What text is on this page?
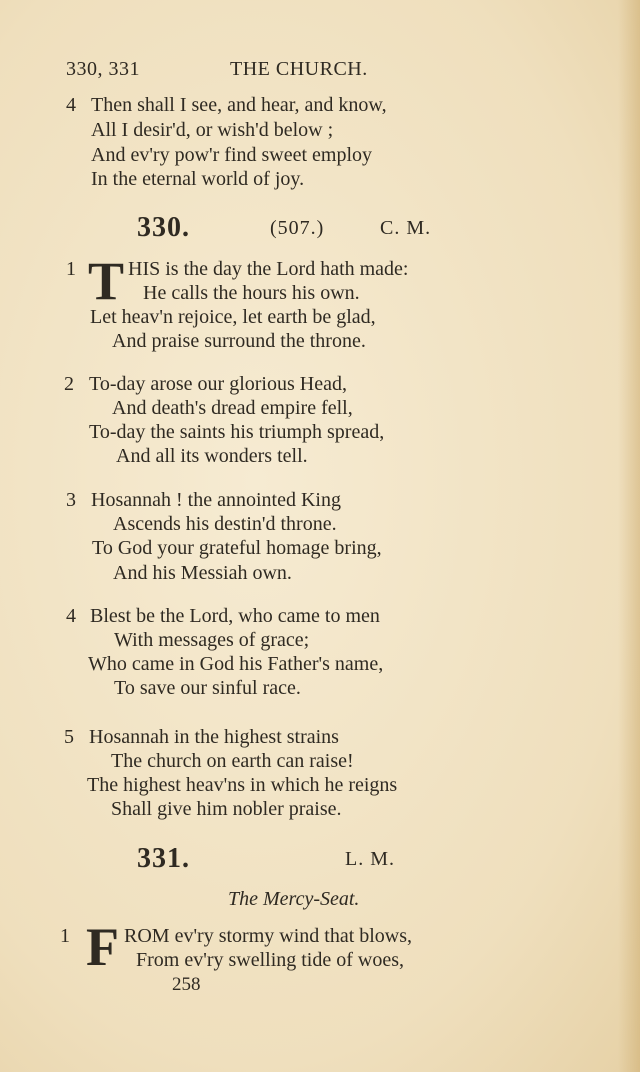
330, 331	THE CHURCH.
4 Then shall I see, and hear, and know,
All I desir'd, or wish'd below ;
And ev'ry pow'r find sweet employ
In the eternal world of joy.
330.	(507.)	C. M.
1 T HIS is the day the Lord hath made:
He calls the hours his own.
Let heav'n rejoice, let earth be glad,
And praise surround the throne.
2 To-day arose our glorious Head,
And death's dread empire fell,
To-day the saints his triumph spread,
And all its wonders tell.
3 Hosannah ! the annointed King
Ascends his destin'd throne.
To God your grateful homage bring,
And his Messiah own.
4 Blest be the Lord, who came to men
With messages of grace;
Who came in God his Father's name,
To save our sinful race.
5 Hosannah in the highest strains
The church on earth can raise!
The highest heav'ns in which he reigns
Shall give him nobler praise.
331.	L. M.
The Mercy-Seat.
1 F ROM ev'ry stormy wind that blows,
From ev'ry swelling tide of woes,
258
